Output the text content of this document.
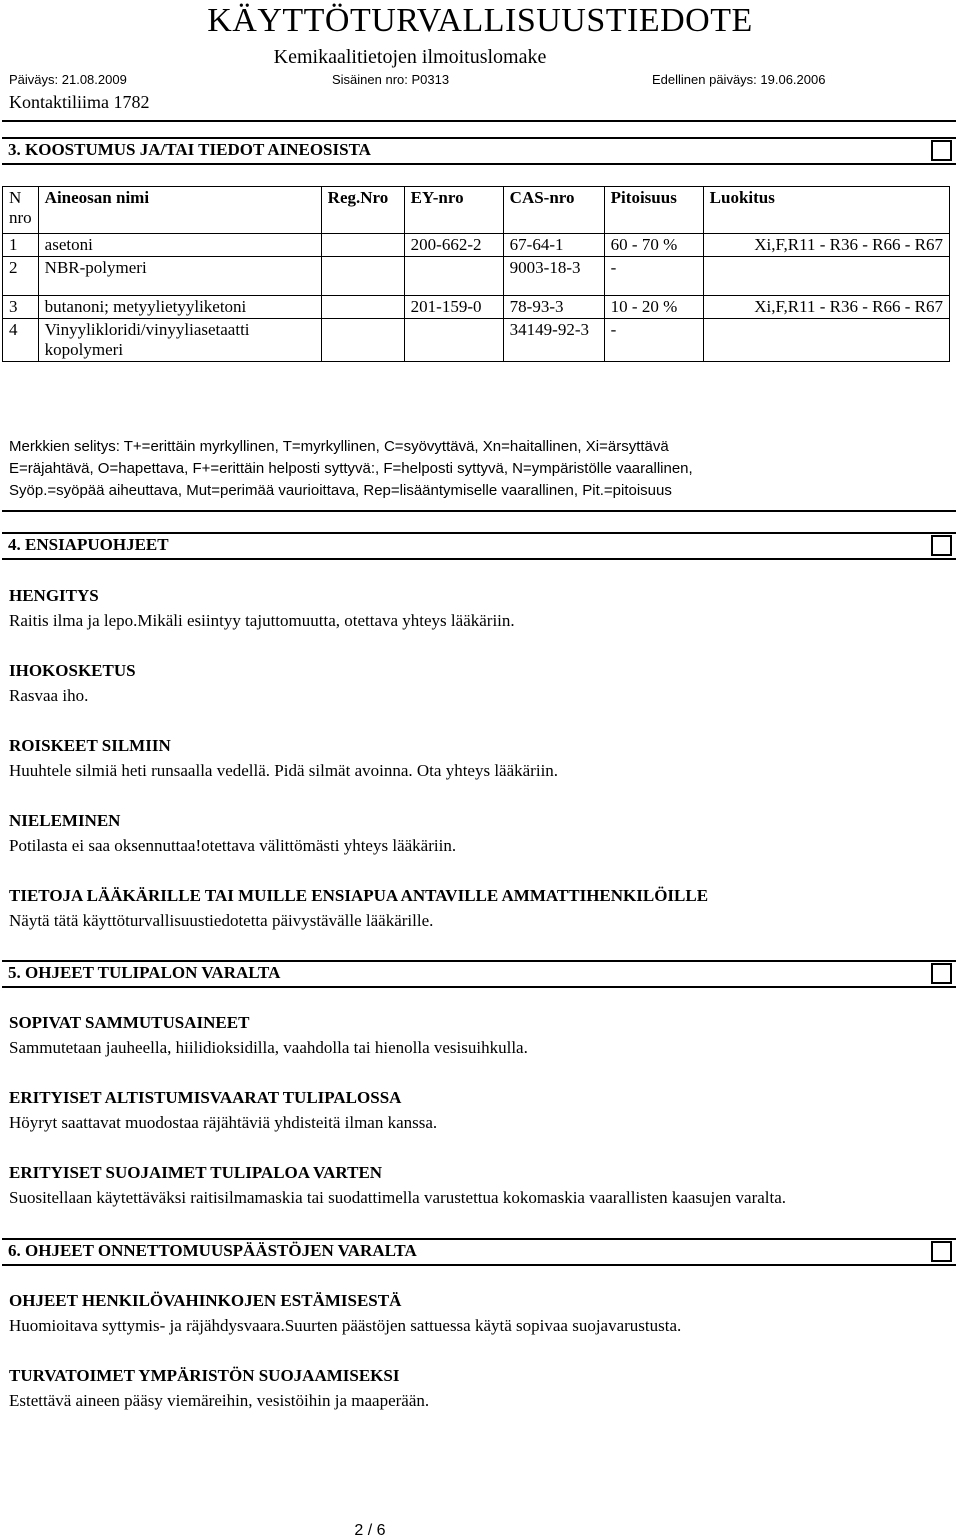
KÄYTTÖTURVALLISUUSTIEDOTE
Kemikaalitietojen ilmoituslomake
Päiväys: 21.08.2009	Sisäinen nro: P0313	Edellinen päiväys: 19.06.2006
Kontaktiliima 1782
3. KOOSTUMUS JA/TAI TIEDOT AINEOSISTA
N nro	Aineosan nimi	Reg.Nro	EY-nro	CAS-nro	Pitoisuus	Luokitus
1	asetoni		200-662-2	67-64-1	60 - 70 %	Xi,F,R11 - R36 - R66 - R67
2	NBR-polymeri			9003-18-3	-	
3	butanoni; metyylietyyliketoni		201-159-0	78-93-3	10 - 20 %	Xi,F,R11 - R36 - R66 - R67
4	Vinyylikloridi/vinyyliasetaatti kopolymeri			34149-92-3	-	
Merkkien selitys: T+=erittäin myrkyllinen, T=myrkyllinen, C=syövyttävä, Xn=haitallinen, Xi=ärsyttävä
E=räjahtävä, O=hapettava, F+=erittäin helposti syttyvä:, F=helposti syttyvä, N=ympäristölle vaarallinen,
Syöp.=syöpää aiheuttava, Mut=perimää vaurioittava, Rep=lisääntymiselle vaarallinen, Pit.=pitoisuus
4. ENSIAPUOHJEET
HENGITYS
Raitis ilma ja lepo.Mikäli esiintyy tajuttomuutta, otettava yhteys lääkäriin.
IHOKOSKETUS
Rasvaa iho.
ROISKEET SILMIIN
Huuhtele silmiä heti runsaalla vedellä. Pidä silmät avoinna. Ota yhteys lääkäriin.
NIELEMINEN
Potilasta ei saa oksennuttaa!otettava välittömästi yhteys lääkäriin.
TIETOJA LÄÄKÄRILLE TAI MUILLE ENSIAPUA ANTAVILLE AMMATTIHENKILÖILLE
Näytä tätä käyttöturvallisuustiedotetta päivystävälle lääkärille.
5. OHJEET TULIPALON VARALTA
SOPIVAT SAMMUTUSAINEET
Sammutetaan jauheella, hiilidioksidilla, vaahdolla tai hienolla vesisuihkulla.
ERITYISET ALTISTUMISVAARAT TULIPALOSSA
Höyryt saattavat muodostaa räjähtäviä yhdisteitä ilman kanssa.
ERITYISET SUOJAIMET TULIPALOA VARTEN
Suositellaan käytettäväksi raitisilmamaskia tai suodattimella varustettua kokomaskia vaarallisten kaasujen varalta.
6. OHJEET ONNETTOMUUSPÄÄSTÖJEN VARALTA
OHJEET HENKILÖVAHINKOJEN ESTÄMISESTÄ
Huomioitava syttymis- ja räjähdysvaara.Suurten päästöjen sattuessa käytä sopivaa suojavarustusta.
TURVATOIMET YMPÄRISTÖN SUOJAAMISEKSI
Estettävä aineen pääsy viemäreihin, vesistöihin ja maaperään.
2 / 6
